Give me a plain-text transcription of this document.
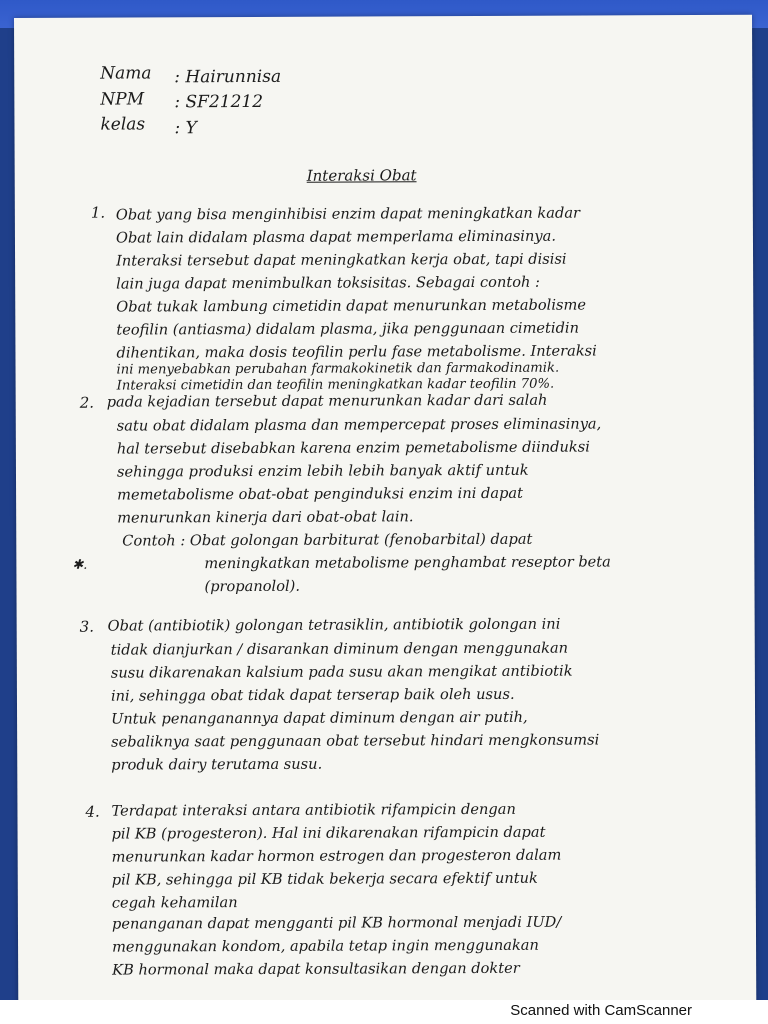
Nama : Hairunnisa
NPM : SF21212
kelas : Y
Interaksi Obat
1. Obat yang bisa menginhibisi enzim dapat meningkatkan kadar
Obat lain didalam plasma dapat memperlama eliminasinya.
Interaksi tersebut dapat meningkatkan kerja obat, tapi disisi
lain juga dapat menimbulkan toksisitas. Sebagai contoh :
Obat tukak lambung cimetidin dapat menurunkan metabolisme
teofilin (antiasma) didalam plasma, jika penggunaan cimetidin
dihentikan, maka dosis teofilin perlu fase metabolisme. Interaksi
ini menyebabkan perubahan farmakokinetik dan farmakodinamik.
Interaksi cimetidin dan teofilin meningkatkan kadar teofilin 70%.
2. pada kejadian tersebut dapat menurunkan kadar dari salah
satu obat didalam plasma dan mempercepat proses eliminasinya,
hal tersebut disebabkan karena enzim pemetabolisme diinduksi
sehingga produksi enzim lebih lebih banyak aktif untuk
memetabolisme obat-obat penginduksi enzim ini dapat
menurunkan kinerja dari obat-obat lain.
Contoh : Obat golongan barbiturat (fenobarbital) dapat
meningkatkan metabolisme penghambat reseptor beta
(propanolol).
✱.
3. Obat (antibiotik) golongan tetrasiklin, antibiotik golongan ini
tidak dianjurkan / disarankan diminum dengan menggunakan
susu dikarenakan kalsium pada susu akan mengikat antibiotik
ini, sehingga obat tidak dapat terserap baik oleh usus.
Untuk penanganannya dapat diminum dengan air putih,
sebaliknya saat penggunaan obat tersebut hindari mengkonsumsi
produk dairy terutama susu.
4. Terdapat interaksi antara antibiotik rifampicin dengan
pil KB (progesteron). Hal ini dikarenakan rifampicin dapat
menurunkan kadar hormon estrogen dan progesteron dalam
pil KB, sehingga pil KB tidak bekerja secara efektif untuk
cegah kehamilan
penanganan dapat mengganti pil KB hormonal menjadi IUD/
menggunakan kondom, apabila tetap ingin menggunakan
KB hormonal maka dapat konsultasikan dengan dokter
Scanned with CamScanner
